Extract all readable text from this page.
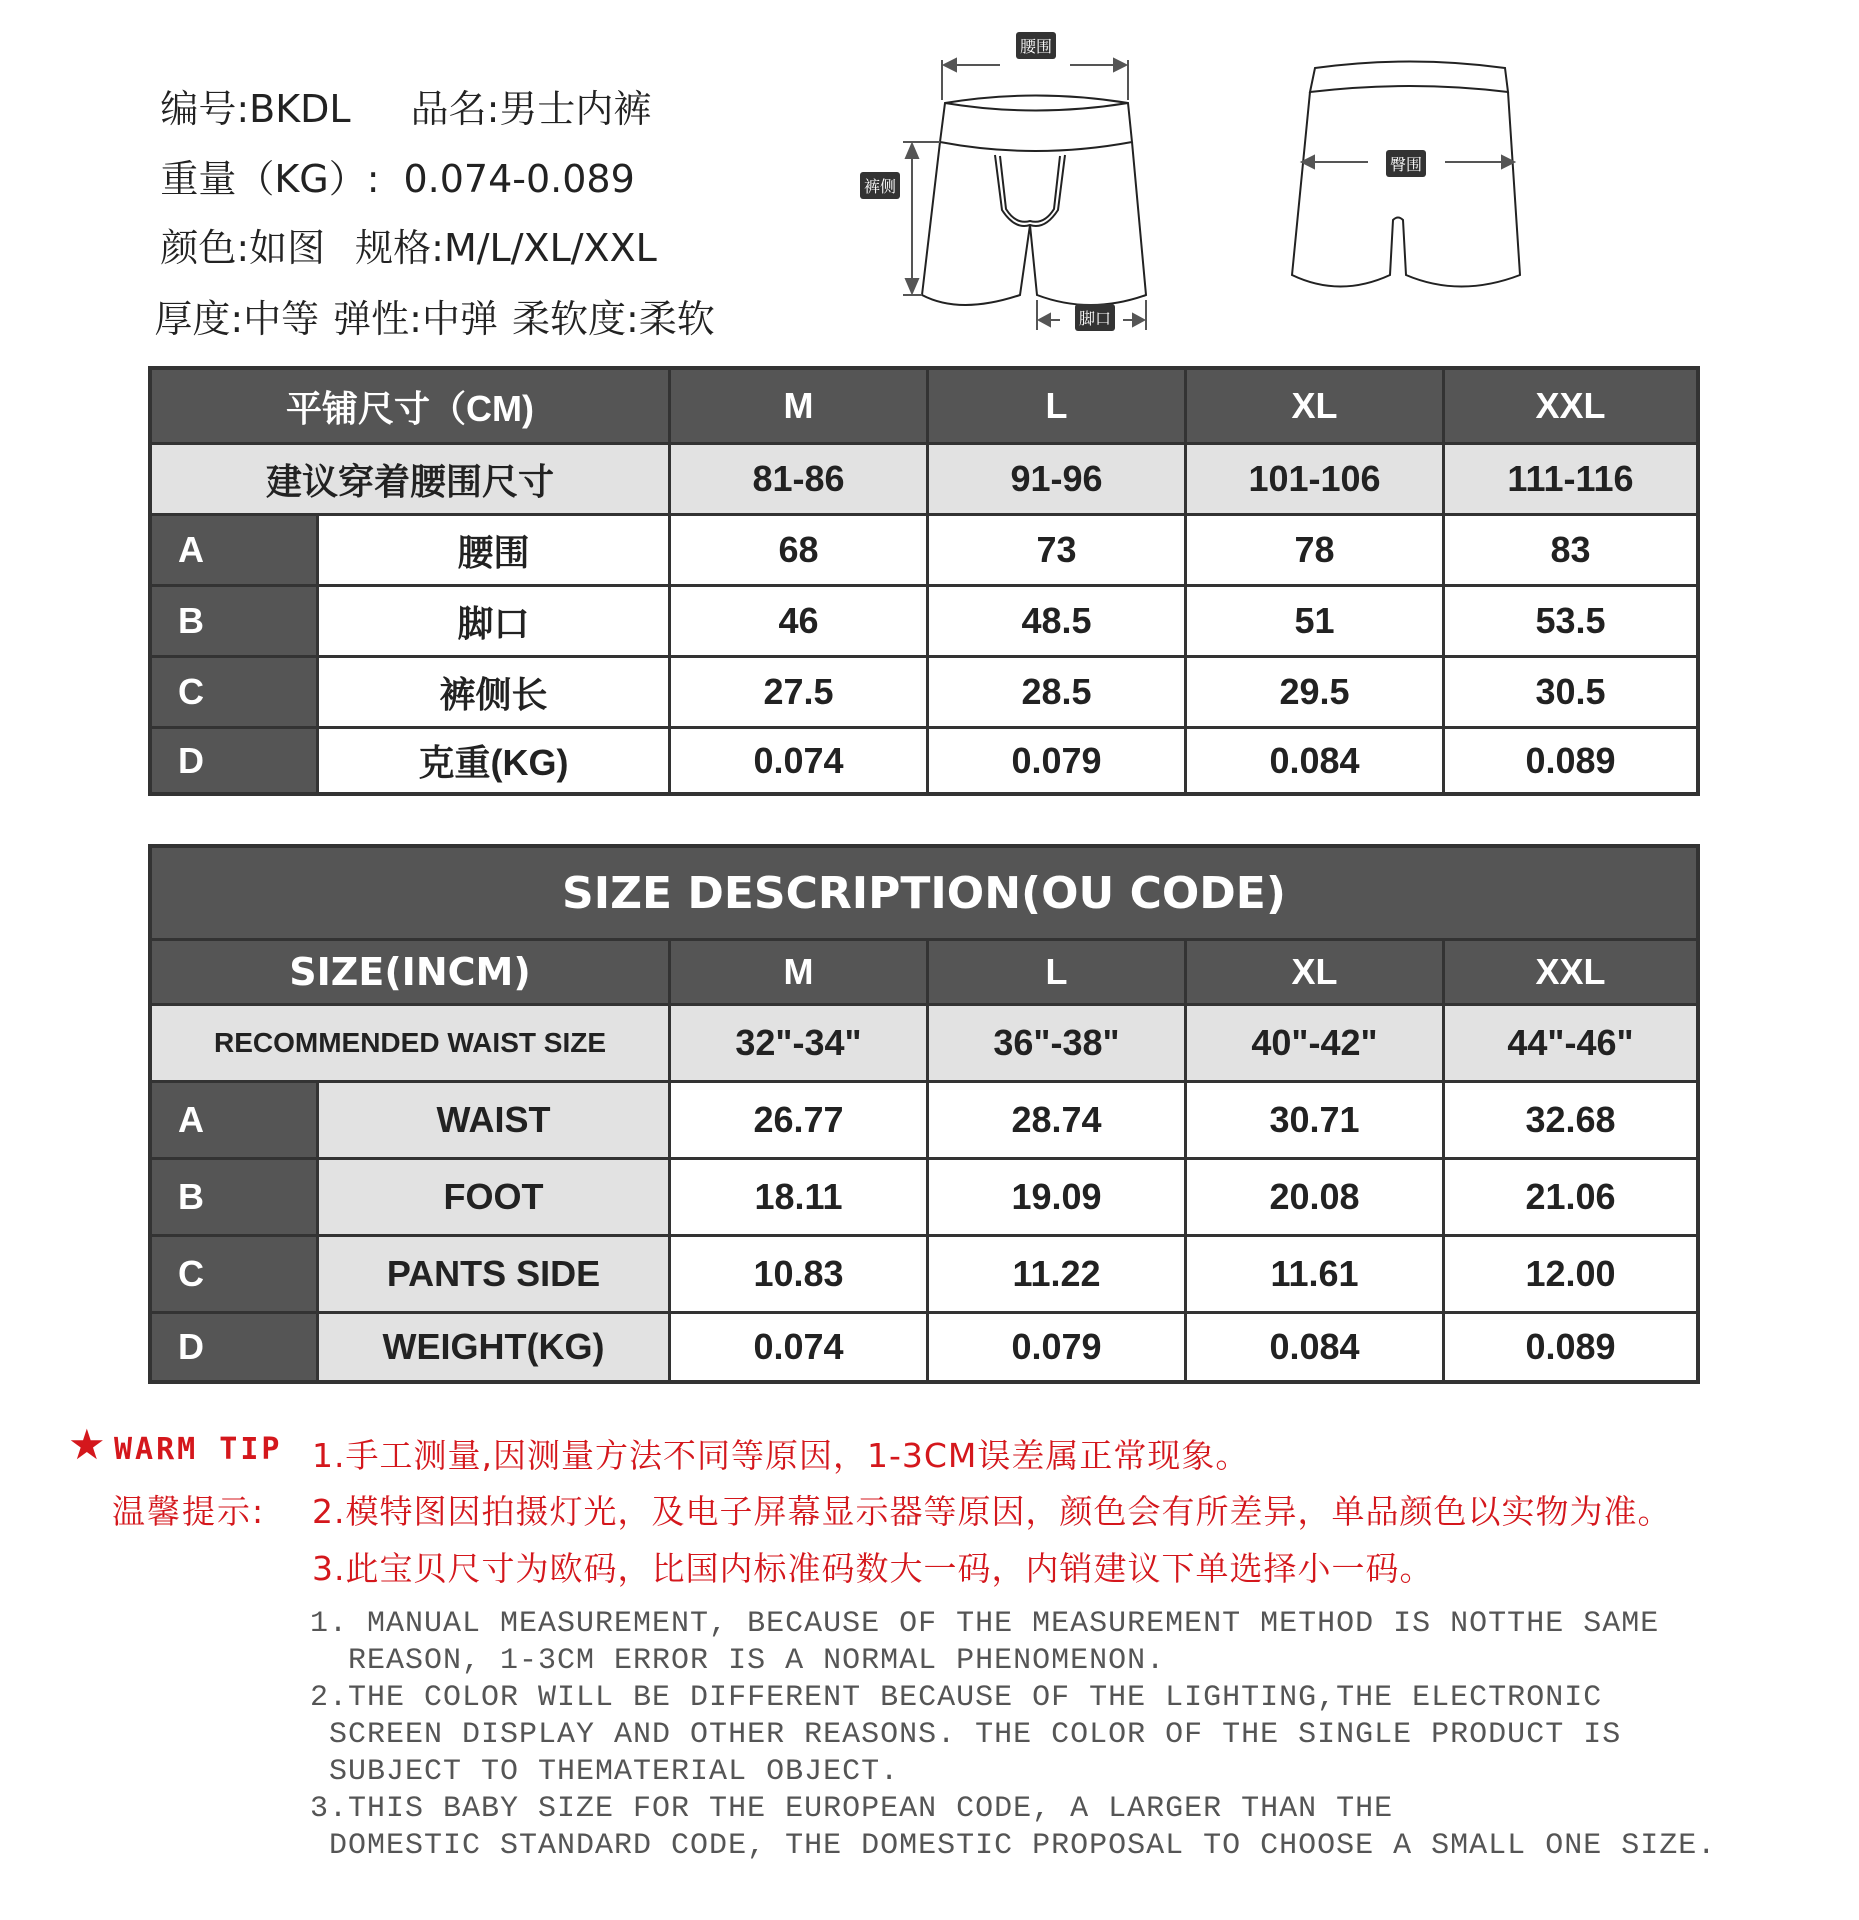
编号:BKDL 品名:男士内裤

重量（KG）: 0.074-0.089

颜色:如图 规格:M/L/XL/XXL

厚度:中等 弹性:中弹 柔软度:柔软

腰围
裤侧
脚口
臀围
平铺尺寸（CM)	M	L	XL	XXL
建议穿着腰围尺寸	81-86	91-96	101-106	111-116
A	腰围	68	73	78	83
B	脚口	46	48.5	51	53.5
C	裤侧长	27.5	28.5	29.5	30.5
D	克重(KG)	0.074	0.079	0.084	0.089
SIZE DESCRIPTION(OU CODE)
SIZE(INCM)	M	L	XL	XXL
RECOMMENDED WAIST SIZE	32"-34"	36"-38"	40"-42"	44"-46"
A	WAIST	26.77	28.74	30.71	32.68
B	FOOT	18.11	19.09	20.08	21.06
C	PANTS SIDE	10.83	11.22	11.61	12.00
D	WEIGHT(KG)	0.074	0.079	0.084	0.089
★ WARM TIP
温馨提示:
1.手工测量,因测量方法不同等原因，1-3CM误差属正常现象。
2.模特图因拍摄灯光，及电子屏幕显示器等原因，颜色会有所差异，单品颜色以实物为准。
3.此宝贝尺寸为欧码，比国内标准码数大一码，内销建议下单选择小一码。
1. MANUAL MEASUREMENT, BECAUSE OF THE MEASUREMENT METHOD IS NOTTHE SAME
REASON, 1-3CM ERROR IS A NORMAL PHENOMENON.
2.THE COLOR WILL BE DIFFERENT BECAUSE OF THE LIGHTING,THE ELECTRONIC
SCREEN DISPLAY AND OTHER REASONS. THE COLOR OF THE SINGLE PRODUCT IS
SUBJECT TO THEMATERIAL OBJECT.
3.THIS BABY SIZE FOR THE EUROPEAN CODE, A LARGER THAN THE
DOMESTIC STANDARD CODE, THE DOMESTIC PROPOSAL TO CHOOSE A SMALL ONE SIZE.
